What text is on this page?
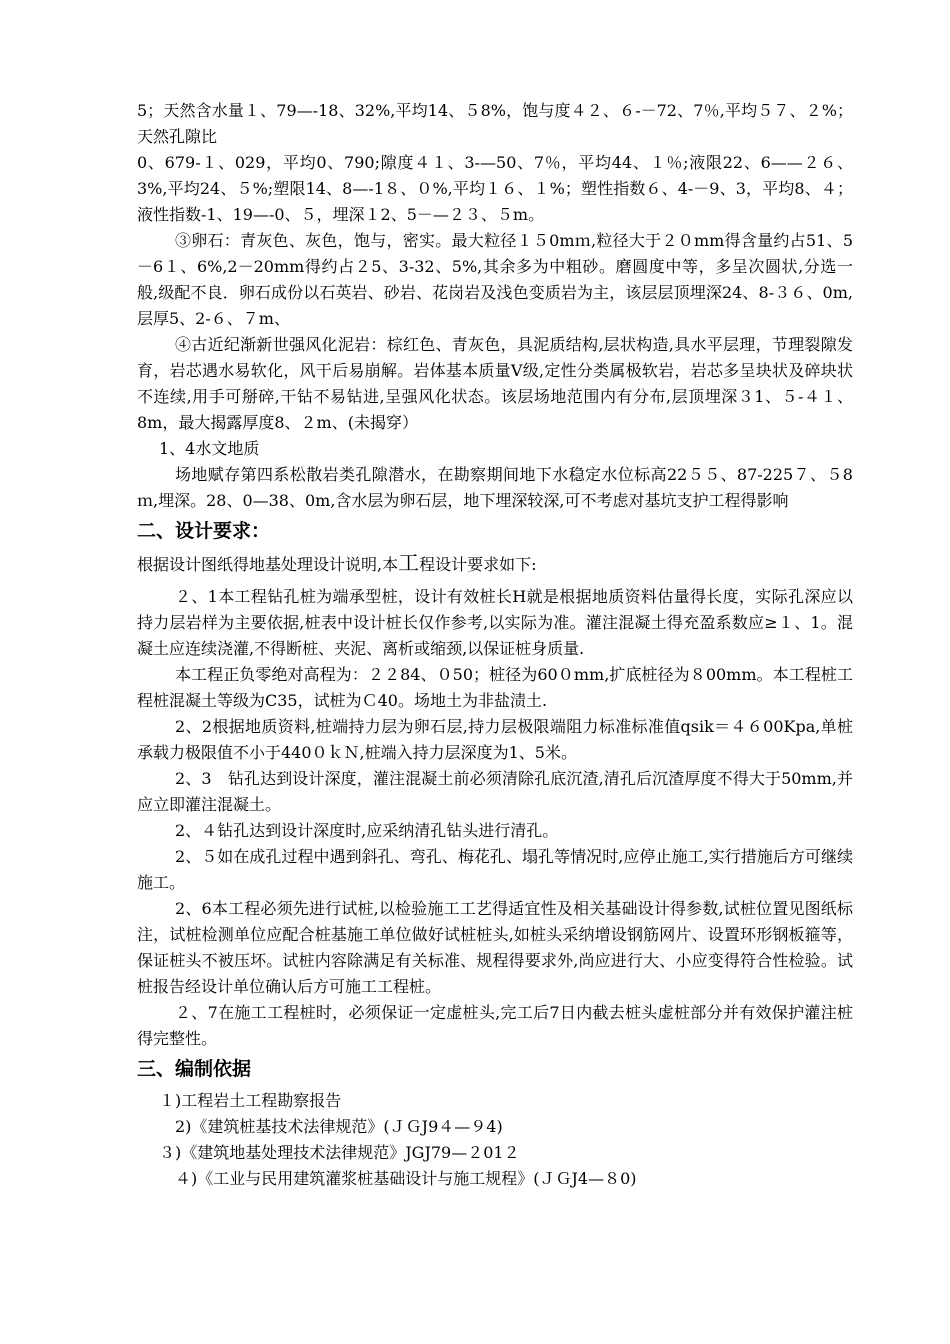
5；天然含水量１、79—-18、32%,平均14、５8%，饱与度４２、６-－72、7％,平均５７、２%；天然孔隙比

0、679-１、029，平均0、790;隙度４１、3-—50、7％，平均44、１％;液限22、6——２６、3%,平均24、５%;塑限14、8—-1８、０%,平均１６、１%；塑性指数６、4-－9、3，平均8、４；液性指数-1、19—-0、５，埋深１2、5－—２３、５m。

③卵石：青灰色、灰色，饱与，密实。最大粒径１５0mｍ,粒径大于２０mm得含量约占51、5－6１、6%,2－20mm得约占２5、3-32、5%,其余多为中粗砂。磨圆度中等，多呈次圆状,分选一般,级配不良．卵石成份以石英岩、砂岩、花岗岩及浅色变质岩为主，该层层顶埋深24、8-３６、0m,层厚5、2-６、７m、

④古近纪渐新世强风化泥岩：棕红色、青灰色，具泥质结构,层状构造,具水平层理，节理裂隙发育，岩芯遇水易软化，风干后易崩解。岩体基本质量Ⅴ级,定性分类属极软岩，岩芯多呈块状及碎块状不连续,用手可掰碎,干钻不易钻进,呈强风化状态。该层场地范围内有分布,层顶埋深３1、５-４１、8m，最大揭露厚度8、２m、(未揭穿）

1、4水文地质

场地赋存第四系松散岩类孔隙潜水，在勘察期间地下水稳定水位标高22５５、87-225７、５8ｍ,埋深。28、0—38、0m,含水层为卵石层，地下埋深较深,可不考虑对基坑支护工程得影响

二、设计要求：

根据设计图纸得地基处理设计说明,本工程设计要求如下:

２、1本工程钻孔桩为端承型桩，设计有效桩长H就是根据地质资料估量得长度，实际孔深应以持力层岩样为主要依据,桩表中设计桩长仅作参考,以实际为准。灌注混凝土得充盈系数应≥１、1。混凝土应连续浇灌,不得断桩、夹泥、离析或缩颈,以保证桩身质量.

本工程正负零绝对高程为：２２84、０50；桩径为60０mm,扩底桩径为８00mm。本工程桩工程桩混凝土等级为C35，试桩为Ｃ40。场地土为非盐渍土.

2、2根据地质资料,桩端持力层为卵石层,持力层极限端阻力标准标准值qsik＝４６00Kpa,单桩承载力极限值不小于440０ｋＮ,桩端入持力层深度为1、5米。

2、3　钻孔达到设计深度，灌注混凝土前必须清除孔底沉渣,清孔后沉渣厚度不得大于50mm,并应立即灌注混凝土。

2、４钻孔达到设计深度时,应采纳清孔钻头进行清孔。

2、５如在成孔过程中遇到斜孔、弯孔、梅花孔、塌孔等情况时,应停止施工,实行措施后方可继续施工。

2、6本工程必须先进行试桩,以检验施工工艺得适宜性及相关基础设计得参数,试桩位置见图纸标注，试桩检测单位应配合桩基施工单位做好试桩桩头,如桩头采纳增设钢筋网片、设置环形钢板箍等，保证桩头不被压坏。试桩内容除满足有关标准、规程得要求外,尚应进行大、小应变得符合性检验。试桩报告经设计单位确认后方可施工工程桩。

２、7在施工工程桩时，必须保证一定虚桩头,完工后7日内截去桩头虚桩部分并有效保护灌注桩得完整性。

三、编制依据

１)工程岩土工程勘察报告

2)《建筑桩基技术法律规范》(ＪＧJ9４—９4)

３)《建筑地基处理技术法律规范》JGJ79—２01２

４)《工业与民用建筑灌浆桩基础设计与施工规程》(ＪＧJ4—８0)
